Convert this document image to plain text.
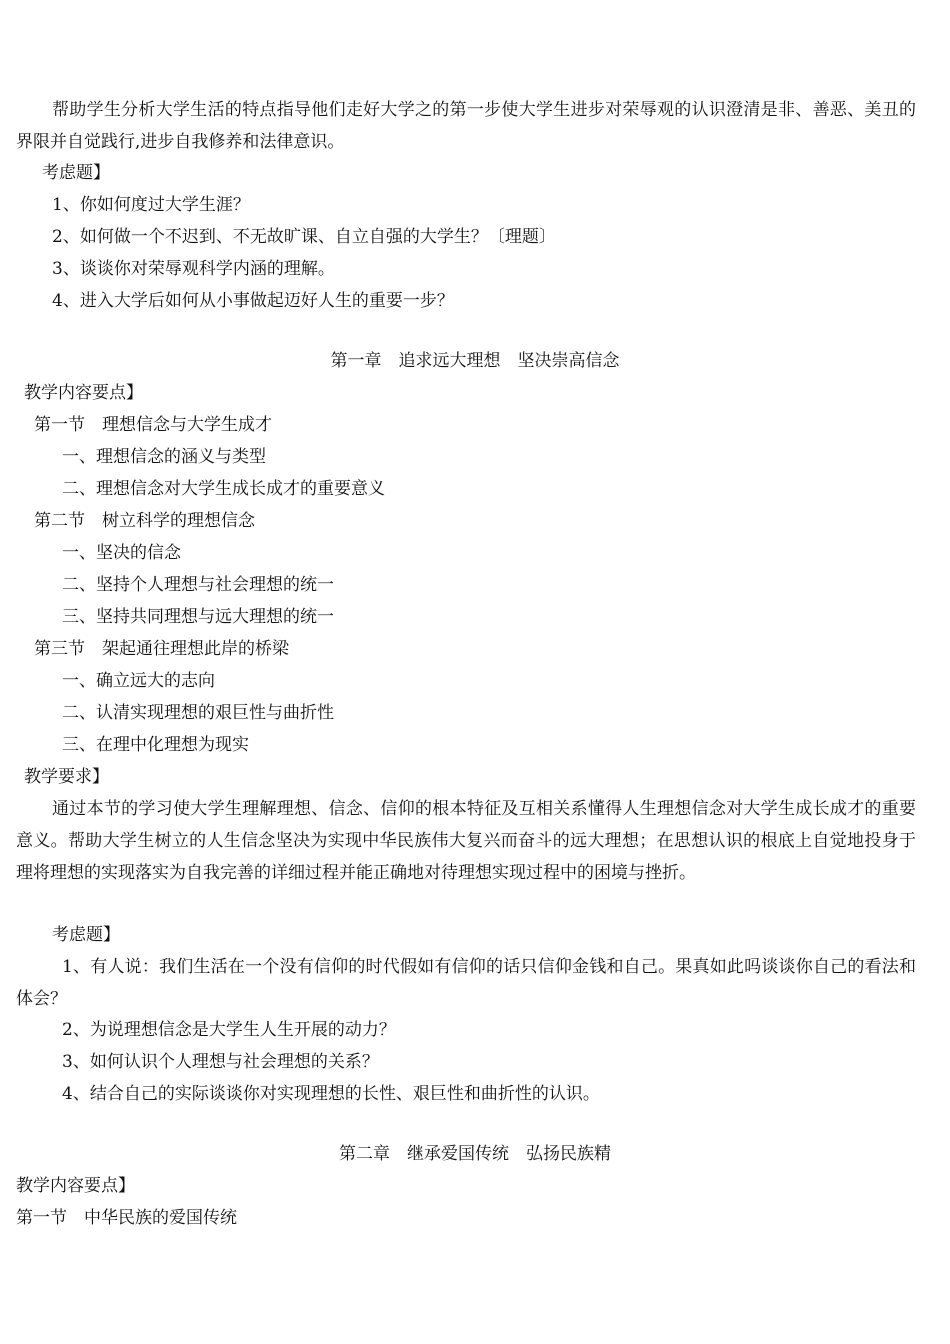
帮助学生分析大学生活的特点指导他们走好大学之的第一步使大学生进步对荣辱观的认识澄清是非、善恶、美丑的界限并自觉践行,进步自我修养和法律意识。
考虑题】
1、你如何度过大学生涯？
2、如何做一个不迟到、不无故旷课、自立自强的大学生？〔理题〕
3、谈谈你对荣辱观科学内涵的理解。
4、进入大学后如何从小事做起迈好人生的重要一步？
第一章　追求远大理想　坚决崇高信念
教学内容要点】
第一节　理想信念与大学生成才
一、理想信念的涵义与类型
二、理想信念对大学生成长成才的重要意义
第二节　树立科学的理想信念
一、坚决的信念
二、坚持个人理想与社会理想的统一
三、坚持共同理想与远大理想的统一
第三节　架起通往理想此岸的桥梁
一、确立远大的志向
二、认清实现理想的艰巨性与曲折性
三、在理中化理想为现实
教学要求】
通过本节的学习使大学生理解理想、信念、信仰的根本特征及互相关系懂得人生理想信念对大学生成长成才的重要意义。帮助大学生树立的人生信念坚决为实现中华民族伟大复兴而奋斗的远大理想；在思想认识的根底上自觉地投身于理将理想的实现落实为自我完善的详细过程并能正确地对待理想实现过程中的困境与挫折。
考虑题】
1、有人说：我们生活在一个没有信仰的时代假如有信仰的话只信仰金钱和自己。果真如此吗谈谈你自己的看法和体会？
2、为说理想信念是大学生人生开展的动力？
3、如何认识个人理想与社会理想的关系？
4、结合自己的实际谈谈你对实现理想的长性、艰巨性和曲折性的认识。
第二章　继承爱国传统　弘扬民族精
教学内容要点】
第一节　中华民族的爱国传统
